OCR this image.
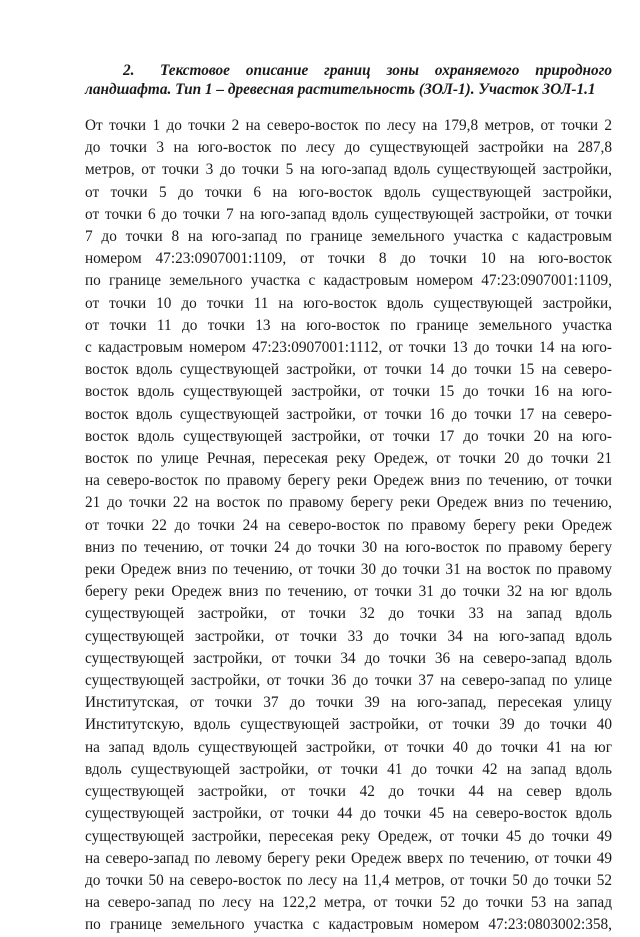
2. Текстовое описание границ зоны охраняемого природного ландшафта. Тип 1 – древесная растительность (ЗОЛ-1). Участок ЗОЛ-1.1

От точки 1 до точки 2 на северо-восток по лесу на 179,8 метров, от точки 2
до точки 3 на юго-восток по лесу до существующей застройки на 287,8
метров, от точки 3 до точки 5 на юго-запад вдоль существующей застройки,
от точки 5 до точки 6 на юго-восток вдоль существующей застройки,
от точки 6 до точки 7 на юго-запад вдоль существующей застройки, от точки
7 до точки 8 на юго-запад по границе земельного участка с кадастровым
номером 47:23:0907001:1109, от точки 8 до точки 10 на юго-восток
по границе земельного участка с кадастровым номером 47:23:0907001:1109,
от точки 10 до точки 11 на юго-восток вдоль существующей застройки,
от точки 11 до точки 13 на юго-восток по границе земельного участка
с кадастровым номером 47:23:0907001:1112, от точки 13 до точки 14 на юго-
восток вдоль существующей застройки, от точки 14 до точки 15 на северо-
восток вдоль существующей застройки, от точки 15 до точки 16 на юго-
восток вдоль существующей застройки, от точки 16 до точки 17 на северо-
восток вдоль существующей застройки, от точки 17 до точки 20 на юго-
восток по улице Речная, пересекая реку Оредеж, от точки 20 до точки 21
на северо-восток по правому берегу реки Оредеж вниз по течению, от точки
21 до точки 22 на восток по правому берегу реки Оредеж вниз по течению,
от точки 22 до точки 24 на северо-восток по правому берегу реки Оредеж
вниз по течению, от точки 24 до точки 30 на юго-восток по правому берегу
реки Оредеж вниз по течению, от точки 30 до точки 31 на восток по правому
берегу реки Оредеж вниз по течению, от точки 31 до точки 32 на юг вдоль
существующей застройки, от точки 32 до точки 33 на запад вдоль
существующей застройки, от точки 33 до точки 34 на юго-запад вдоль
существующей застройки, от точки 34 до точки 36 на северо-запад вдоль
существующей застройки, от точки 36 до точки 37 на северо-запад по улице
Институтская, от точки 37 до точки 39 на юго-запад, пересекая улицу
Институтскую, вдоль существующей застройки, от точки 39 до точки 40
на запад вдоль существующей застройки, от точки 40 до точки 41 на юг
вдоль существующей застройки, от точки 41 до точки 42 на запад вдоль
существующей застройки, от точки 42 до точки 44 на север вдоль
существующей застройки, от точки 44 до точки 45 на северо-восток вдоль
существующей застройки, пересекая реку Оредеж, от точки 45 до точки 49
на северо-запад по левому берегу реки Оредеж вверх по течению, от точки 49
до точки 50 на северо-восток по лесу на 11,4 метров, от точки 50 до точки 52
на северо-запад по лесу на 122,2 метра, от точки 52 до точки 53 на запад
по границе земельного участка с кадастровым номером 47:23:0803002:358,
